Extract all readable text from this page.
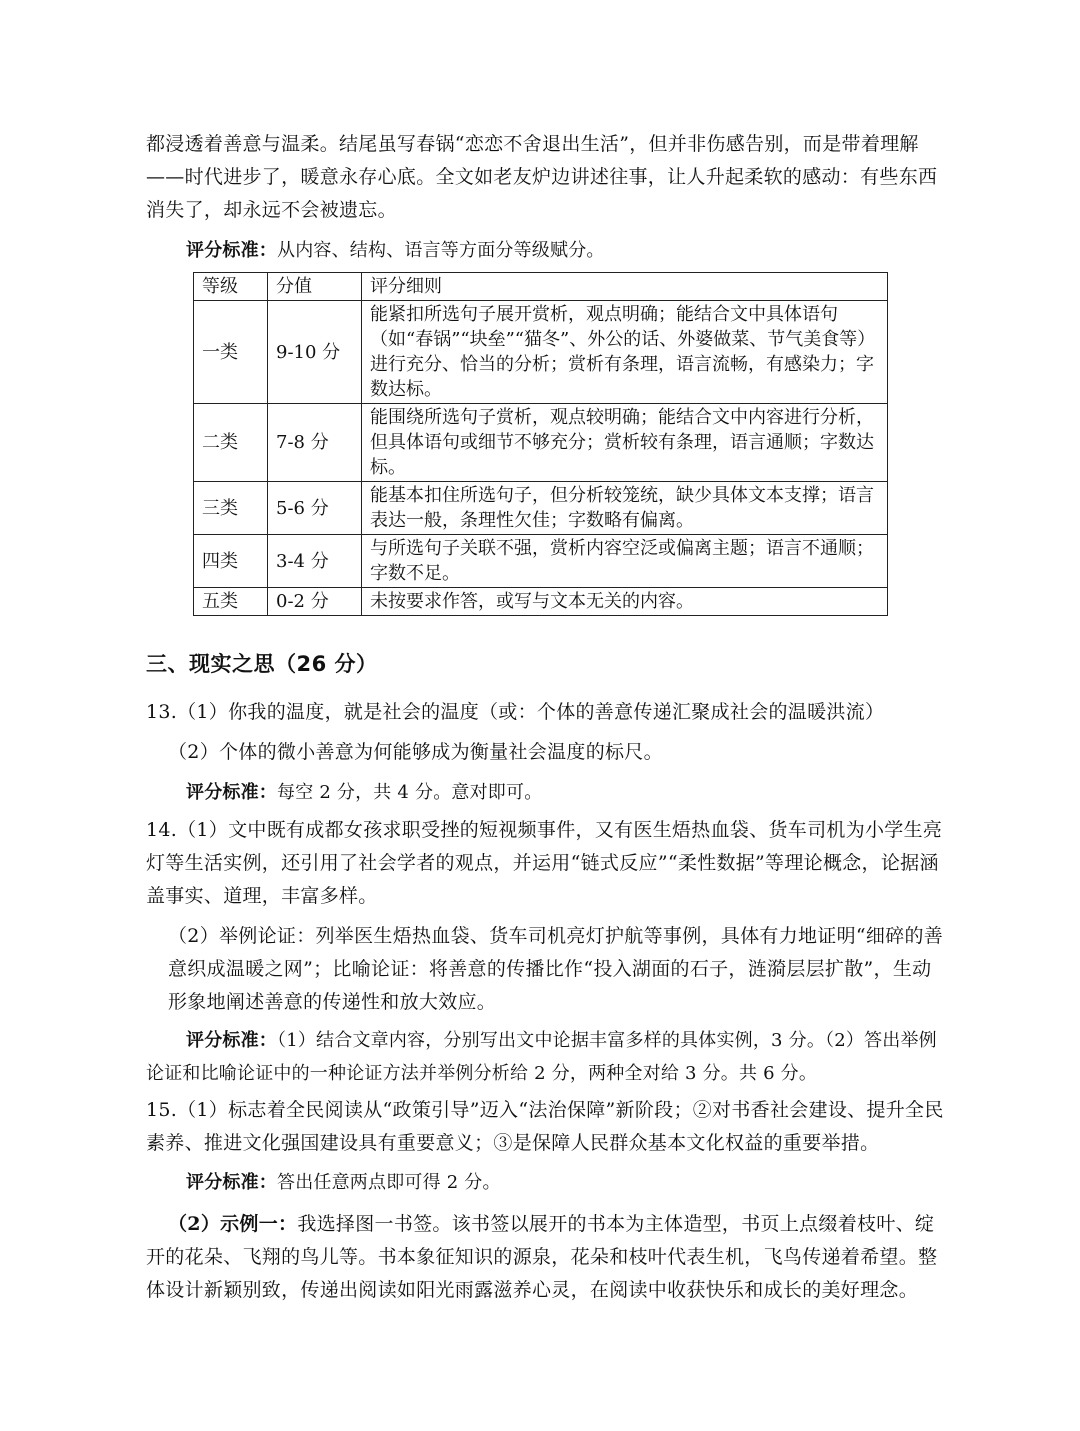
都浸透着善意与温柔。结尾虽写春锅“恋恋不舍退出生活”，但并非伤感告别，而是带着理解——时代进步了，暖意永存心底。全文如老友炉边讲述往事，让人升起柔软的感动：有些东西消失了，却永远不会被遗忘。
评分标准：从内容、结构、语言等方面分等级赋分。
等级	分值	评分细则
一类	9-10 分	能紧扣所选句子展开赏析，观点明确；能结合文中具体语句（如“春锅”“块垒”“猫冬”、外公的话、外婆做菜、节气美食等）进行充分、恰当的分析；赏析有条理，语言流畅，有感染力；字数达标。
二类	7-8 分	能围绕所选句子赏析，观点较明确；能结合文中内容进行分析，但具体语句或细节不够充分；赏析较有条理，语言通顺；字数达标。
三类	5-6 分	能基本扣住所选句子，但分析较笼统，缺少具体文本支撑；语言表达一般，条理性欠佳；字数略有偏离。
四类	3-4 分	与所选句子关联不强，赏析内容空泛或偏离主题；语言不通顺；字数不足。
五类	0-2 分	未按要求作答，或写与文本无关的内容。
三、现实之思（26 分）
13.（1）你我的温度，就是社会的温度（或：个体的善意传递汇聚成社会的温暖洪流）
（2）个体的微小善意为何能够成为衡量社会温度的标尺。
评分标准：每空 2 分，共 4 分。意对即可。
14.（1）文中既有成都女孩求职受挫的短视频事件，又有医生焐热血袋、货车司机为小学生亮灯等生活实例，还引用了社会学者的观点，并运用“链式反应”“柔性数据”等理论概念，论据涵盖事实、道理，丰富多样。
（2）举例论证：列举医生焐热血袋、货车司机亮灯护航等事例，具体有力地证明“细碎的善意织成温暖之网”；比喻论证：将善意的传播比作“投入湖面的石子，涟漪层层扩散”，生动形象地阐述善意的传递性和放大效应。
评分标准：（1）结合文章内容，分别写出文中论据丰富多样的具体实例，3 分。（2）答出举例论证和比喻论证中的一种论证方法并举例分析给 2 分，两种全对给 3 分。共 6 分。
15.（1）标志着全民阅读从“政策引导”迈入“法治保障”新阶段；②对书香社会建设、提升全民素养、推进文化强国建设具有重要意义；③是保障人民群众基本文化权益的重要举措。
评分标准：答出任意两点即可得 2 分。
（2）示例一：我选择图一书签。该书签以展开的书本为主体造型，书页上点缀着枝叶、绽开的花朵、飞翔的鸟儿等。书本象征知识的源泉，花朵和枝叶代表生机，飞鸟传递着希望。整体设计新颖别致，传递出阅读如阳光雨露滋养心灵，在阅读中收获快乐和成长的美好理念。
